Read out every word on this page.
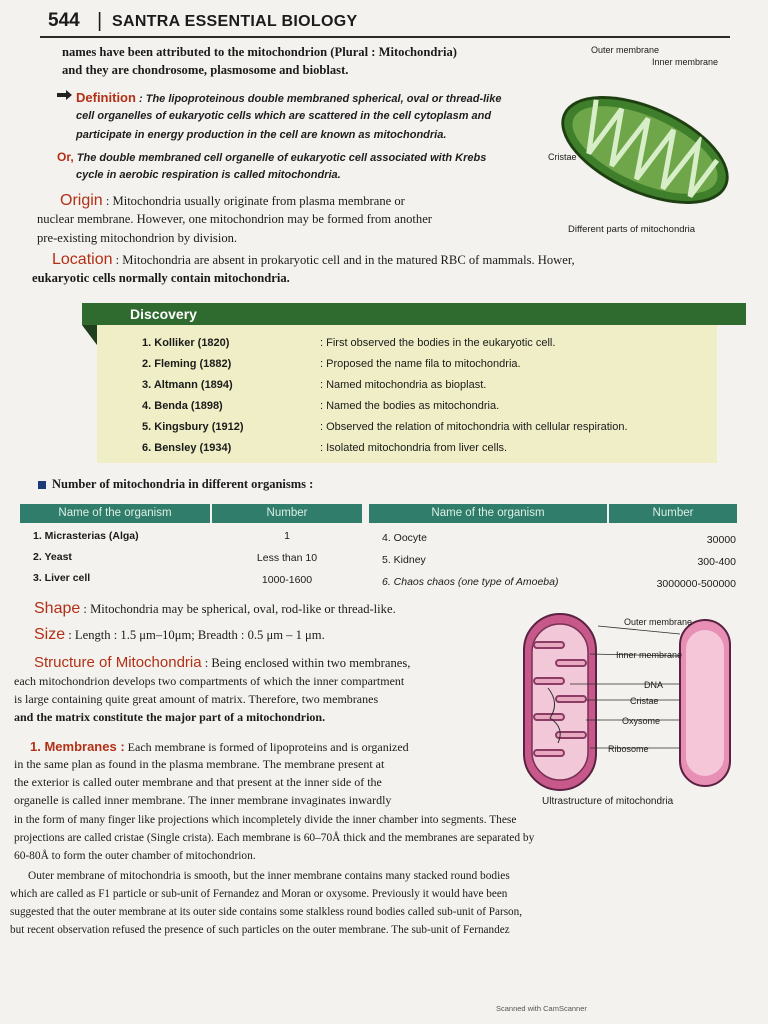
544 | SANTRA ESSENTIAL BIOLOGY
names have been attributed to the mitochondrion (Plural : Mitochondria)
and they are chondrosome, plasmosome and bioblast.
Definition : The lipoproteinous double membraned spherical, oval or thread-like
cell organelles of eukaryotic cells which are scattered in the cell cytoplasm and
participate in energy production in the cell are known as mitochondria.
Or, The double membraned cell organelle of eukaryotic cell associated with Krebs
cycle in aerobic respiration is called mitochondria.
Origin : Mitochondria usually originate from plasma membrane or
nuclear membrane. However, one mitochondrion may be formed from another
pre-existing mitochondrion by division.
Location : Mitochondria are absent in prokaryotic cell and in the matured RBC of mammals. Hower,
eukaryotic cells normally contain mitochondria.
Outer membrane
Inner membrane
Cristae
Different parts of mitochondria
Discovery
1. Kolliker (1820)	: First observed the bodies in the eukaryotic cell.
2. Fleming (1882)	: Proposed the name fila to mitochondria.
3. Altmann (1894)	: Named mitochondria as bioplast.
4. Benda (1898)	: Named the bodies as mitochondria.
5. Kingsbury (1912)	: Observed the relation of mitochondria with cellular respiration.
6. Bensley (1934)	: Isolated mitochondria from liver cells.
Number of mitochondria in different organisms :
Name of the organism	Number	Name of the organism	Number
1. Micrasterias (Alga)	1
2. Yeast	Less than 10
3. Liver cell	1000-1600
4. Oocyte	30000
5. Kidney	300-400
6. Chaos chaos (one type of Amoeba)	3000000-500000
Shape : Mitochondria may be spherical, oval, rod-like or thread-like.
Size : Length : 1.5 μm–10μm; Breadth : 0.5 μm – 1 μm.
Structure of Mitochondria : Being enclosed within two membranes,
each mitochondrion develops two compartments of which the inner compartment
is large containing quite great amount of matrix. Therefore, two membranes
and the matrix constitute the major part of a mitochondrion.
Outer membrane
Inner membrane
DNA
Cristae
Oxysome
Ribosome
Ultrastructure of mitochondria
1. Membranes : Each membrane is formed of lipoproteins and is organized
in the same plan as found in the plasma membrane. The membrane present at
the exterior is called outer membrane and that present at the inner side of the
organelle is called inner membrane. The inner membrane invaginates inwardly
in the form of many finger like projections which incompletely divide the inner chamber into segments. These
projections are called cristae (Single crista). Each membrane is 60–70Å thick and the membranes are separated by
60-80Å to form the outer chamber of mitochondrion.
Outer membrane of mitochondria is smooth, but the inner membrane contains many stacked round bodies
which are called as F1 particle or sub-unit of Fernandez and Moran or oxysome. Previously it would have been
suggested that the outer membrane at its outer side contains some stalkless round bodies called sub-unit of Parson,
but recent observation refused the presence of such particles on the outer membrane. The sub-unit of Fernandez
Scanned with CamScanner
